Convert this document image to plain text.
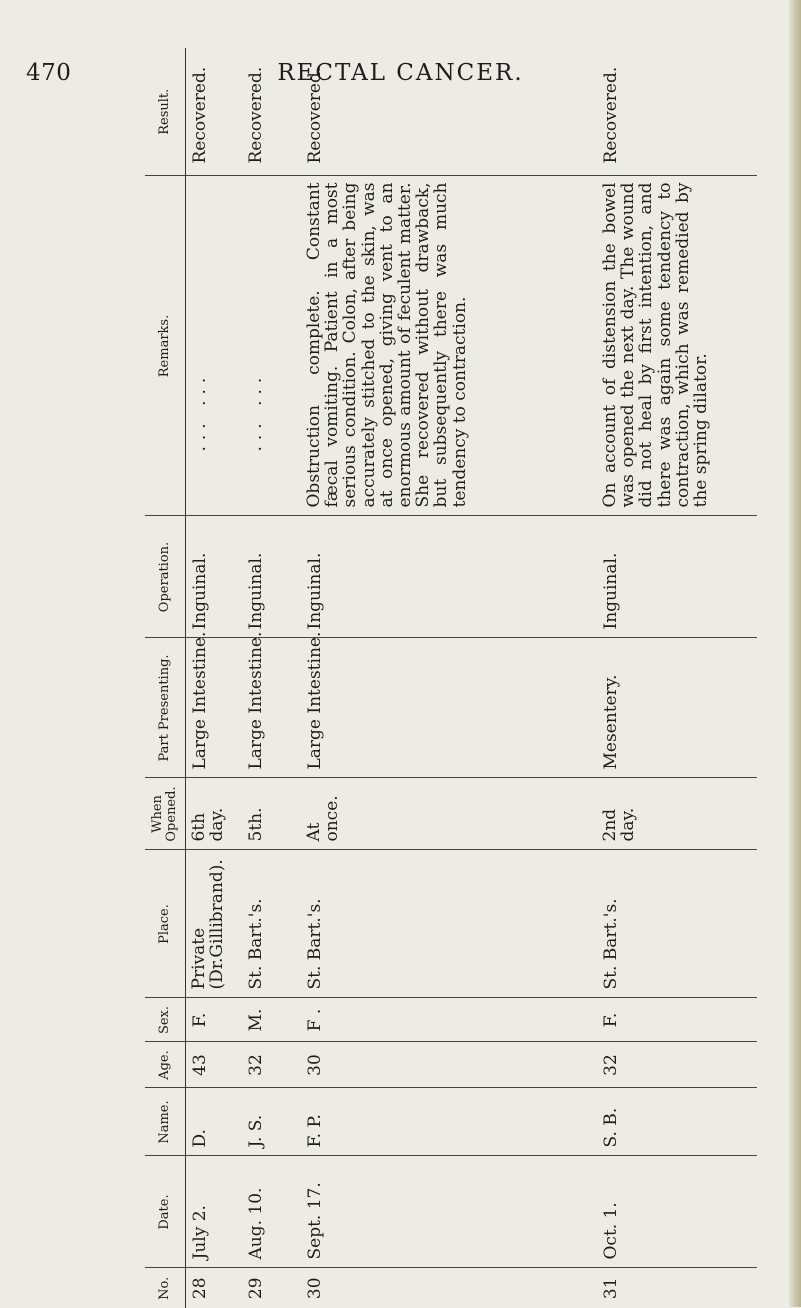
470	RECTAL CANCER.
No.	Date.	Name.	Age.	Sex.	Place.	When Opened.	Part Presenting.	Operation.	Remarks.	Result.
28	July 2.	D.	43	F.	Private (Dr.Gillibrand).	6th day.	Large Intestine.	Inguinal.	... ...	Recovered.
29	Aug. 10.	J. S.	32	M.	St. Bart.'s.	5th.	Large Intestine.	Inguinal.	... ...	Recovered.
30	Sept. 17.	F. P.	30	F .	St. Bart.'s.	At once.	Large Intestine.	Inguinal.	Obstruction complete. Constant fæcal vomiting. Patient in a most serious condition. Colon, after being accurately stitched to the skin, was at once opened, giving vent to an enormous amount of feculent matter. She recovered without drawback, but subsequently there was much tendency to contraction.	Recovered.
31	Oct. 1.	S. B.	32	F.	St. Bart.'s.	2nd day.	Mesentery.	Inguinal.	On account of distension the bowel was opened the next day. The wound did not heal by first intention, and there was again some tendency to contraction, which was remedied by the spring dilator.	Recovered.
